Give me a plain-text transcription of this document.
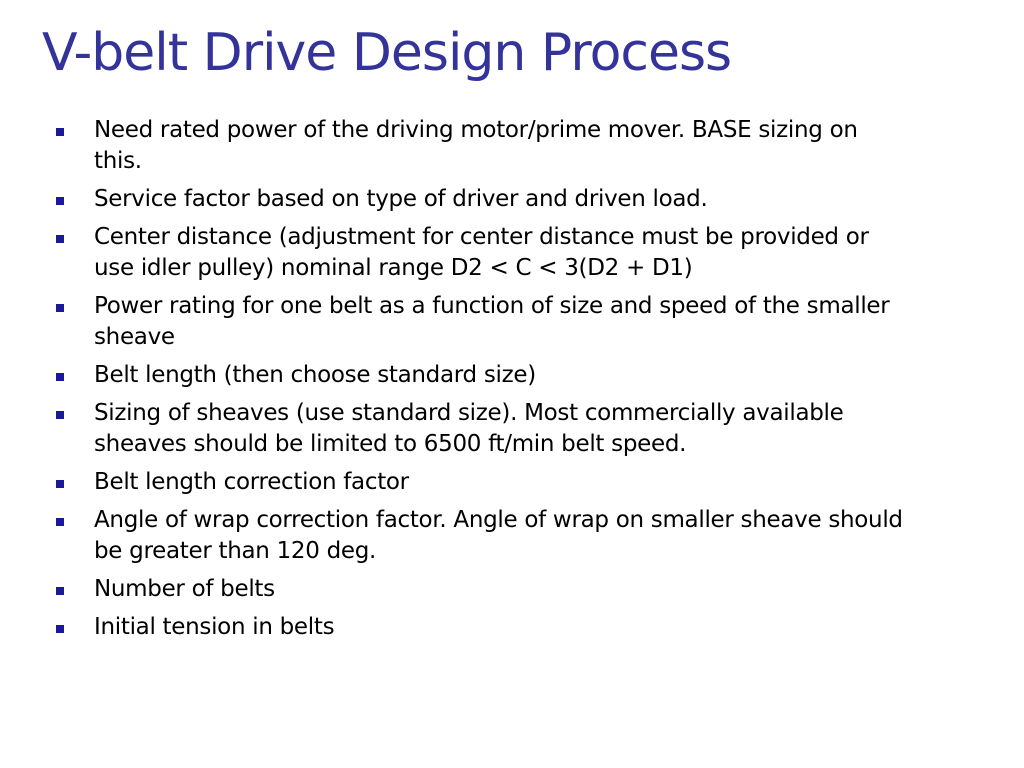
V-belt Drive Design Process
Need rated power of the driving motor/prime mover. BASE sizing on this.
Service factor based on type of driver and driven load.
Center distance (adjustment for center distance must be provided or use idler pulley) nominal range D2 < C < 3(D2 + D1)
Power rating for one belt as a function of size and speed of the smaller sheave
Belt length (then choose standard size)
Sizing of sheaves (use standard size). Most commercially available sheaves should be limited to 6500 ft/min belt speed.
Belt length correction factor
Angle of wrap correction factor. Angle of wrap on smaller sheave should be greater than 120 deg.
Number of belts
Initial tension in belts
